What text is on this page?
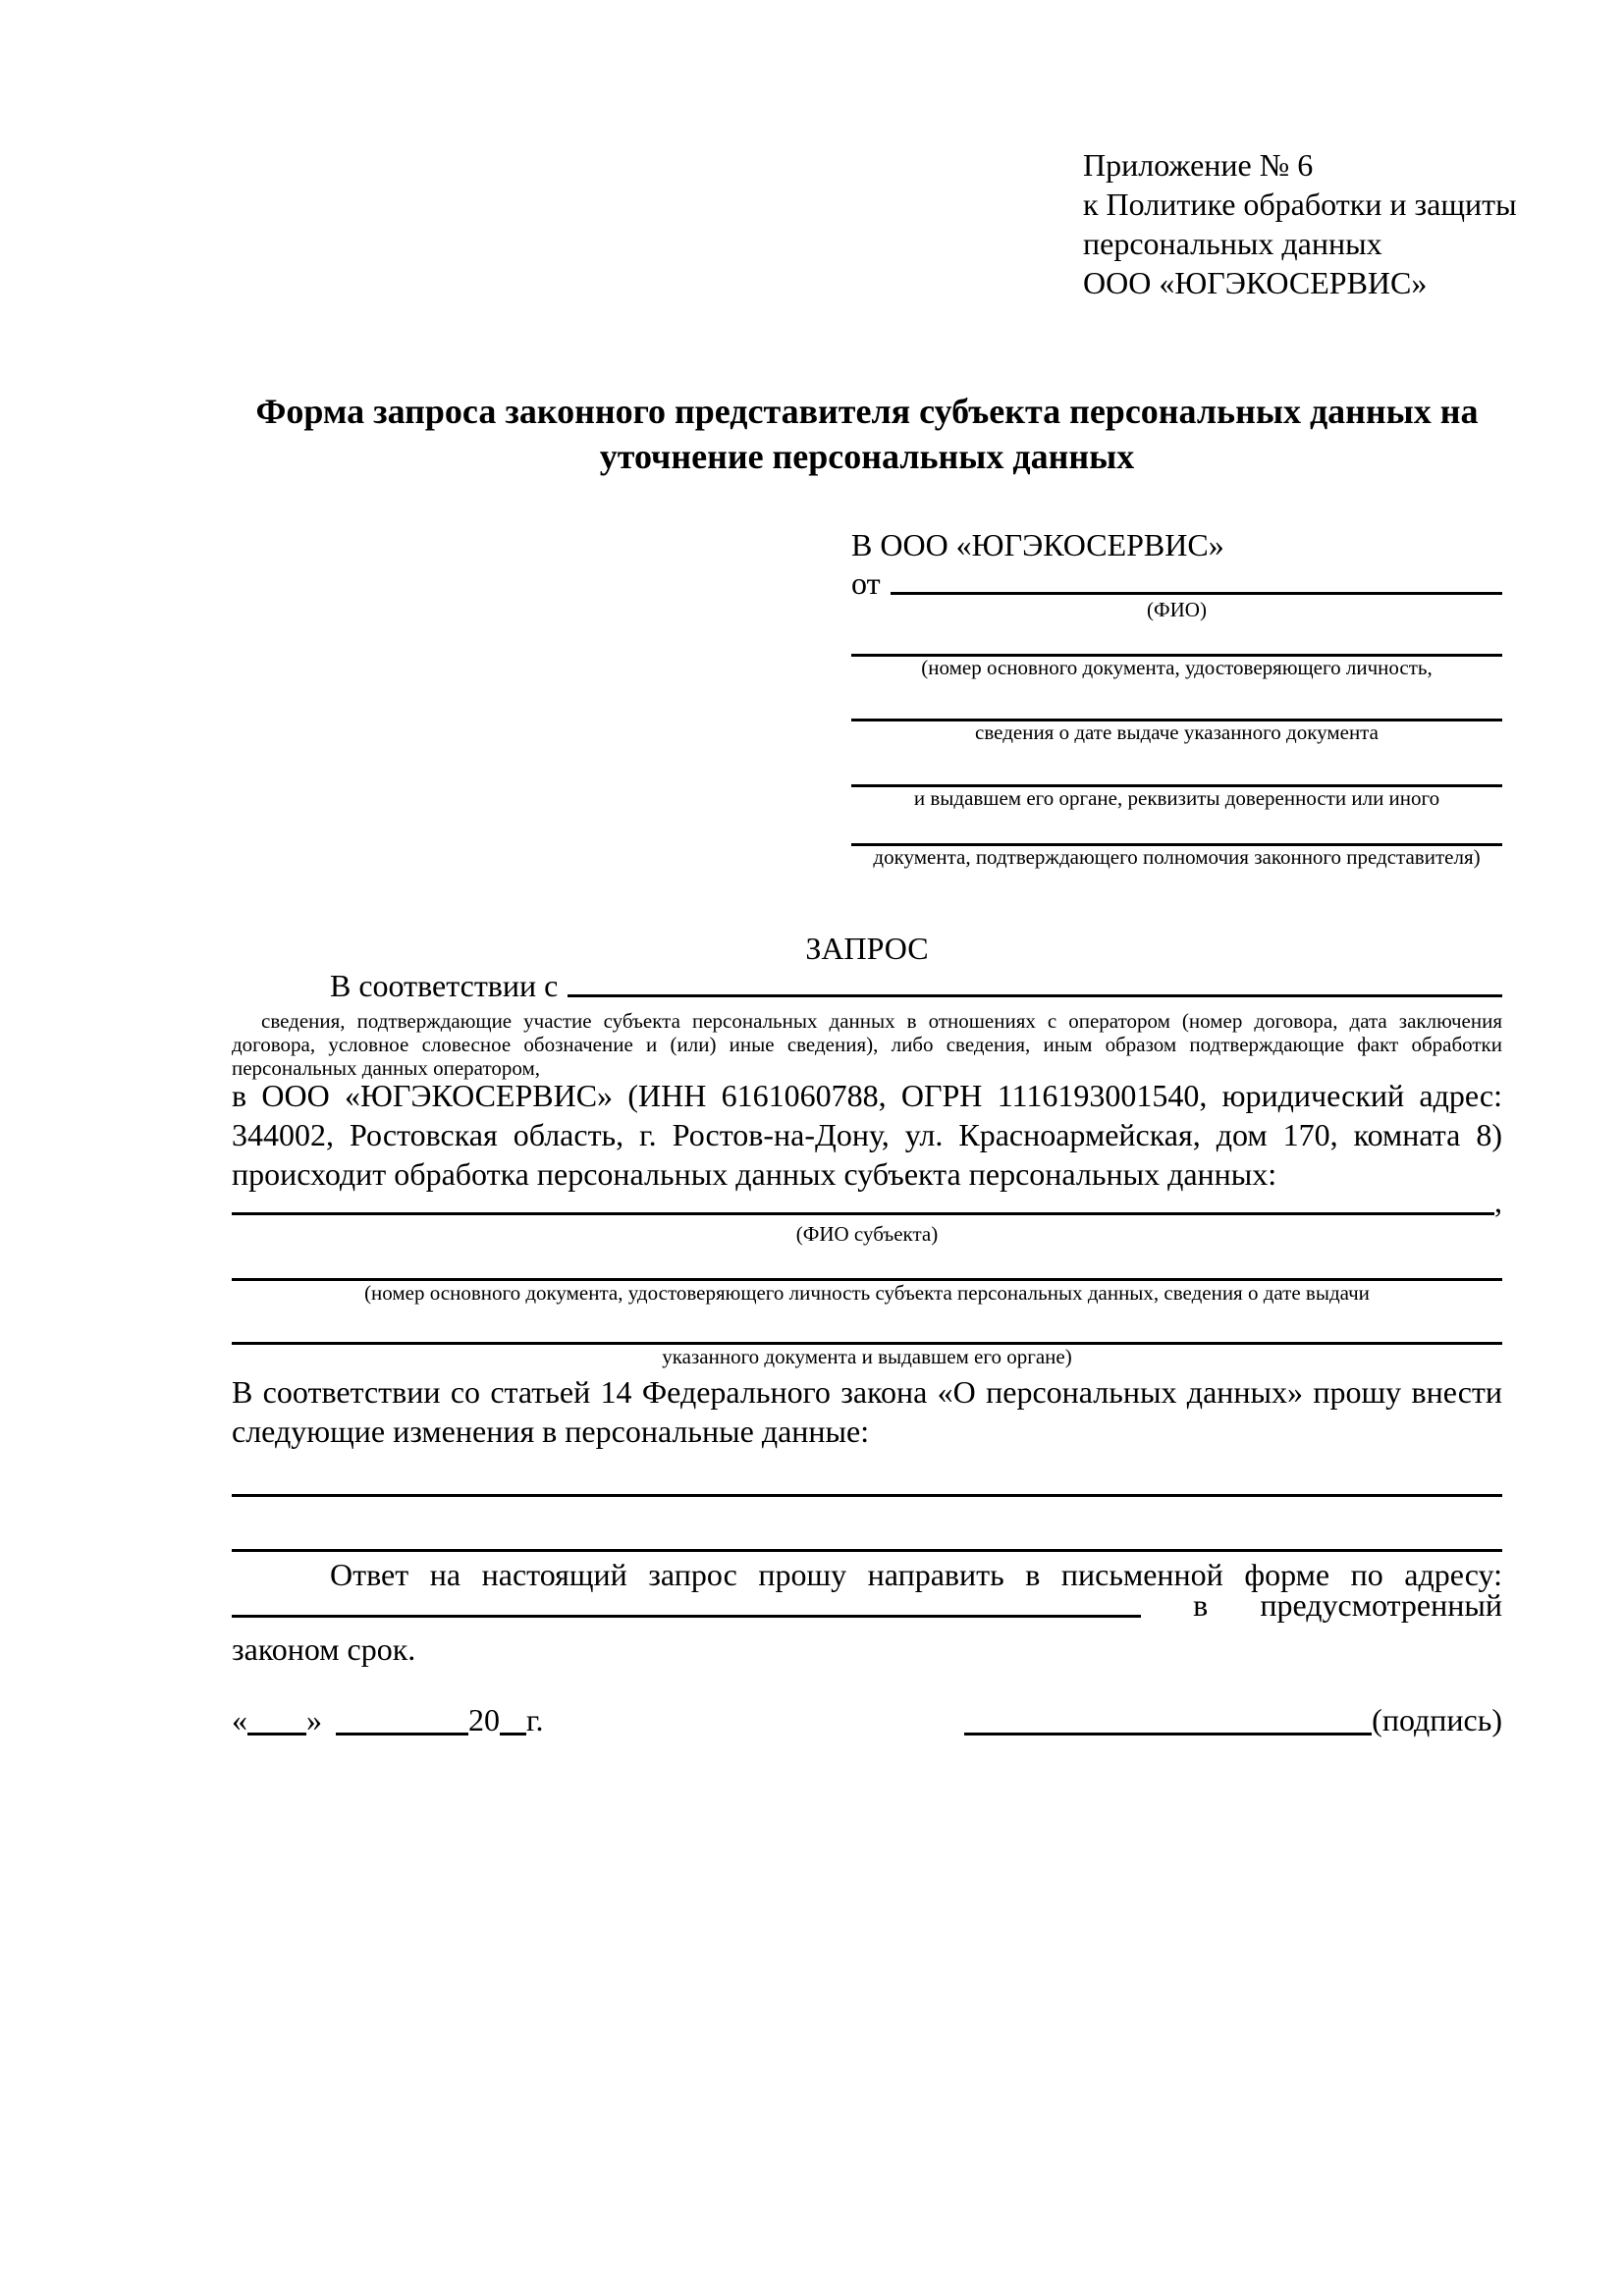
Приложение № 6
к Политике обработки и защиты
персональных данных
ООО «ЮГЭКОСЕРВИС»
Форма запроса законного представителя субъекта персональных данных на уточнение персональных данных
В ООО «ЮГЭКОСЕРВИС»
от
(ФИО)
(номер основного документа, удостоверяющего личность,
сведения о дате выдаче указанного документа
и выдавшем его органе, реквизиты доверенности или иного
документа, подтверждающего полномочия законного представителя)
ЗАПРОС
В соответствии с
сведения, подтверждающие участие субъекта персональных данных в отношениях с оператором (номер договора, дата заключения договора, условное словесное обозначение и (или) иные сведения), либо сведения, иным образом подтверждающие факт обработки персональных данных оператором,
в ООО «ЮГЭКОСЕРВИС» (ИНН 6161060788, ОГРН 1116193001540, юридический адрес: 344002, Ростовская область, г. Ростов-на-Дону, ул. Красноармейская, дом 170, комната 8) происходит обработка персональных данных субъекта персональных данных:
,
(ФИО субъекта)
(номер основного документа, удостоверяющего личность субъекта персональных данных, сведения о дате выдачи
указанного документа и выдавшем его органе)
В соответствии со статьей 14 Федерального закона «О персональных данных» прошу внести следующие изменения в персональные данные:
Ответ на настоящий запрос прошу направить в письменной форме по адресу:
в предусмотренный
законом срок.
« »	20 г.	(подпись)
